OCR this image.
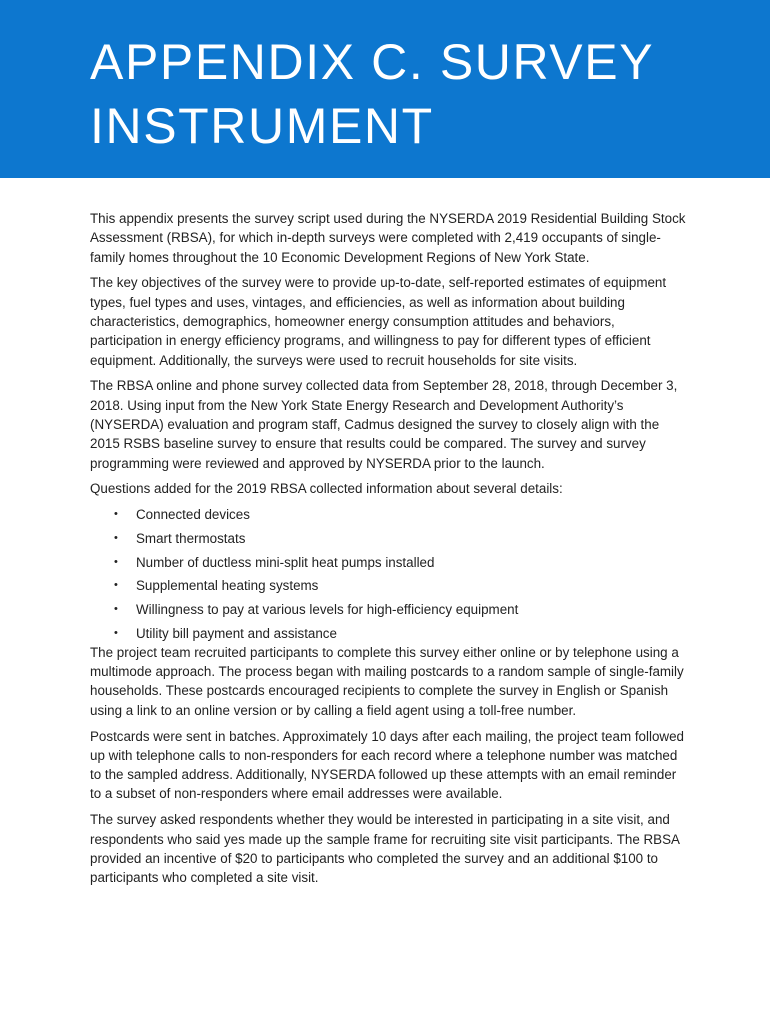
APPENDIX C. SURVEY
INSTRUMENT

This appendix presents the survey script used during the NYSERDA 2019 Residential Building Stock Assessment (RBSA), for which in-depth surveys were completed with 2,419 occupants of single-family homes throughout the 10 Economic Development Regions of New York State.

The key objectives of the survey were to provide up-to-date, self-reported estimates of equipment types, fuel types and uses, vintages, and efficiencies, as well as information about building characteristics, demographics, homeowner energy consumption attitudes and behaviors, participation in energy efficiency programs, and willingness to pay for different types of efficient equipment. Additionally, the surveys were used to recruit households for site visits.

The RBSA online and phone survey collected data from September 28, 2018, through December 3, 2018. Using input from the New York State Energy Research and Development Authority’s (NYSERDA) evaluation and program staff, Cadmus designed the survey to closely align with the 2015 RSBS baseline survey to ensure that results could be compared. The survey and survey programming were reviewed and approved by NYSERDA prior to the launch.

Questions added for the 2019 RBSA collected information about several details:

• Connected devices
• Smart thermostats
• Number of ductless mini-split heat pumps installed
• Supplemental heating systems
• Willingness to pay at various levels for high-efficiency equipment
• Utility bill payment and assistance

The project team recruited participants to complete this survey either online or by telephone using a multimode approach. The process began with mailing postcards to a random sample of single-family households. These postcards encouraged recipients to complete the survey in English or Spanish using a link to an online version or by calling a field agent using a toll-free number.

Postcards were sent in batches. Approximately 10 days after each mailing, the project team followed up with telephone calls to non-responders for each record where a telephone number was matched to the sampled address. Additionally, NYSERDA followed up these attempts with an email reminder to a subset of non-responders where email addresses were available.

The survey asked respondents whether they would be interested in participating in a site visit, and respondents who said yes made up the sample frame for recruiting site visit participants. The RBSA provided an incentive of $20 to participants who completed the survey and an additional $100 to participants who completed a site visit.
